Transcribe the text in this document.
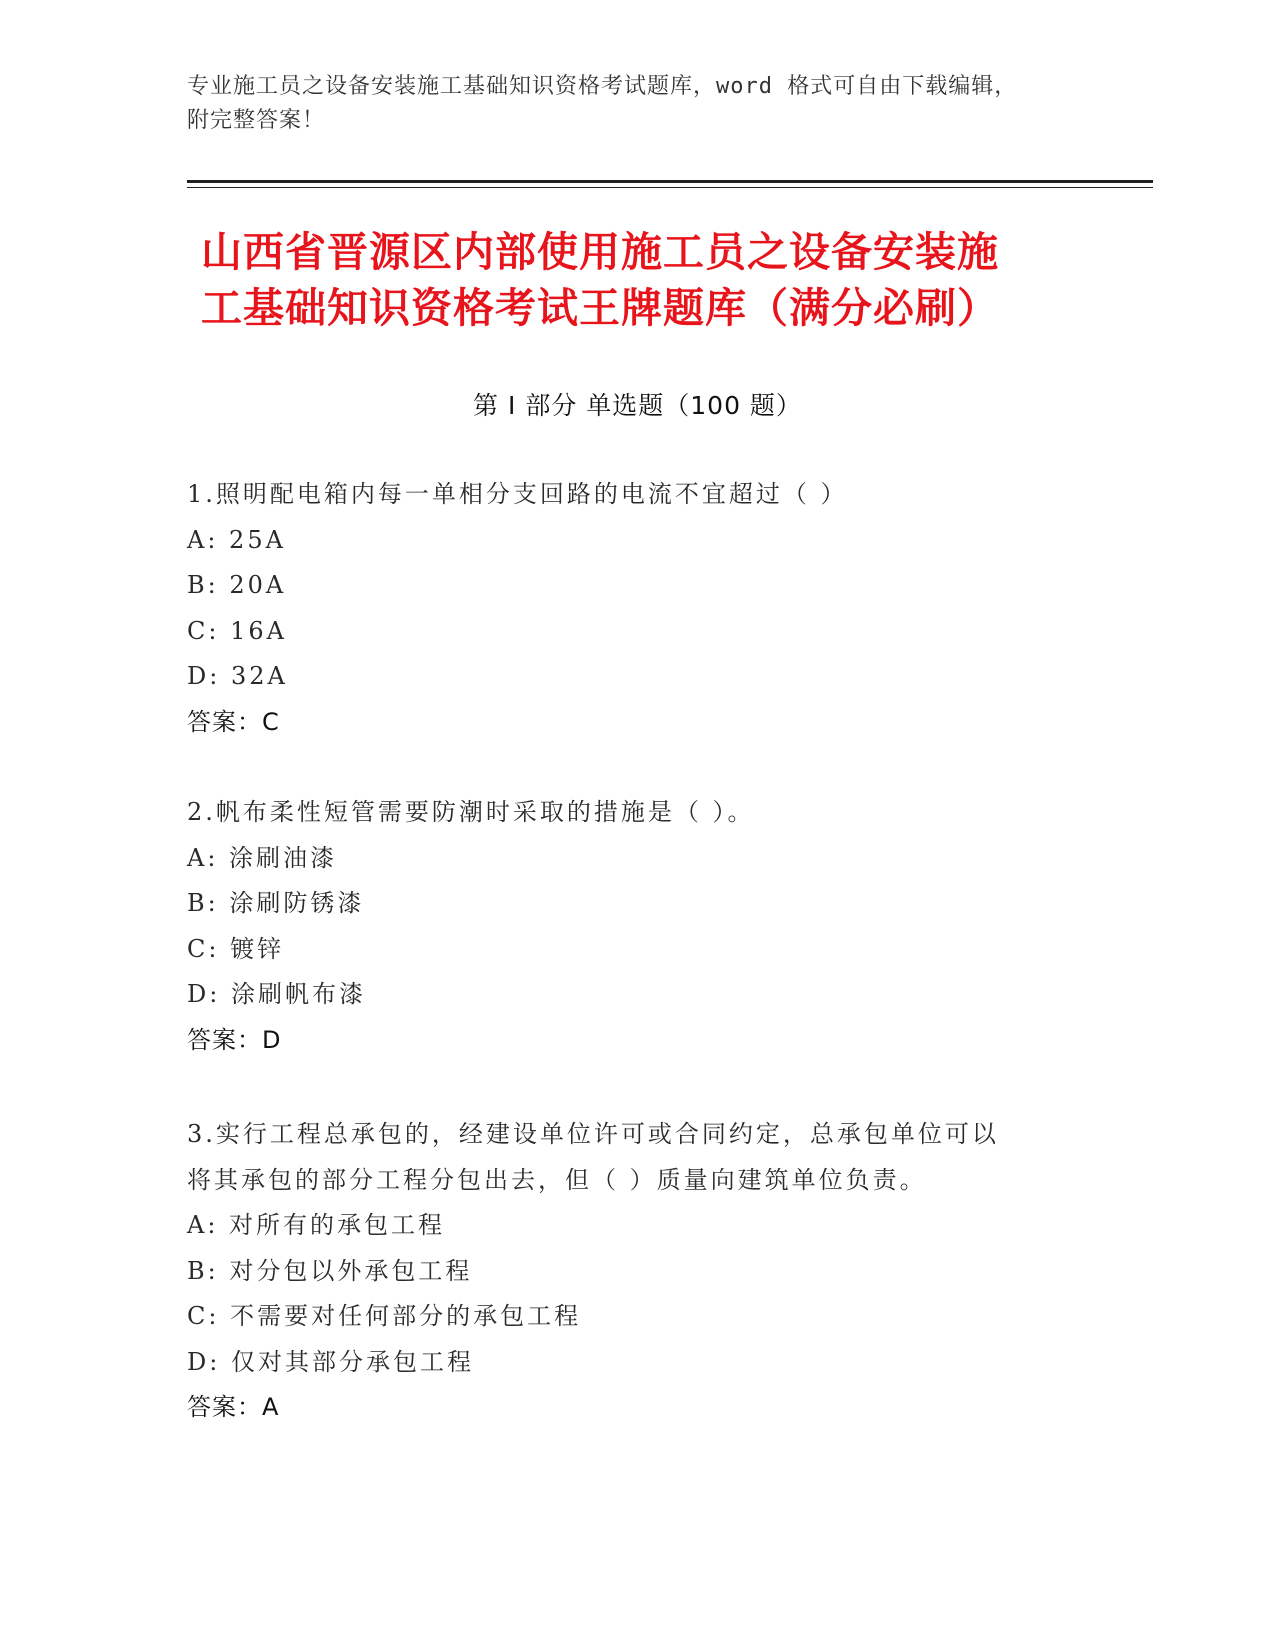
专业施工员之设备安装施工基础知识资格考试题库，word 格式可自由下载编辑，
附完整答案！
山西省晋源区内部使用施工员之设备安装施
工基础知识资格考试王牌题库（满分必刷）
第 I 部分 单选题（100 题）
1.照明配电箱内每一单相分支回路的电流不宜超过（ ）
A: 25A
B: 20A
C: 16A
D: 32A
答案：C
2.帆布柔性短管需要防潮时采取的措施是（ ）。
A: 涂刷油漆
B: 涂刷防锈漆
C: 镀锌
D: 涂刷帆布漆
答案：D
3.实行工程总承包的，经建设单位许可或合同约定，总承包单位可以
将其承包的部分工程分包出去，但（ ）质量向建筑单位负责。
A: 对所有的承包工程
B: 对分包以外承包工程
C: 不需要对任何部分的承包工程
D: 仅对其部分承包工程
答案：A
